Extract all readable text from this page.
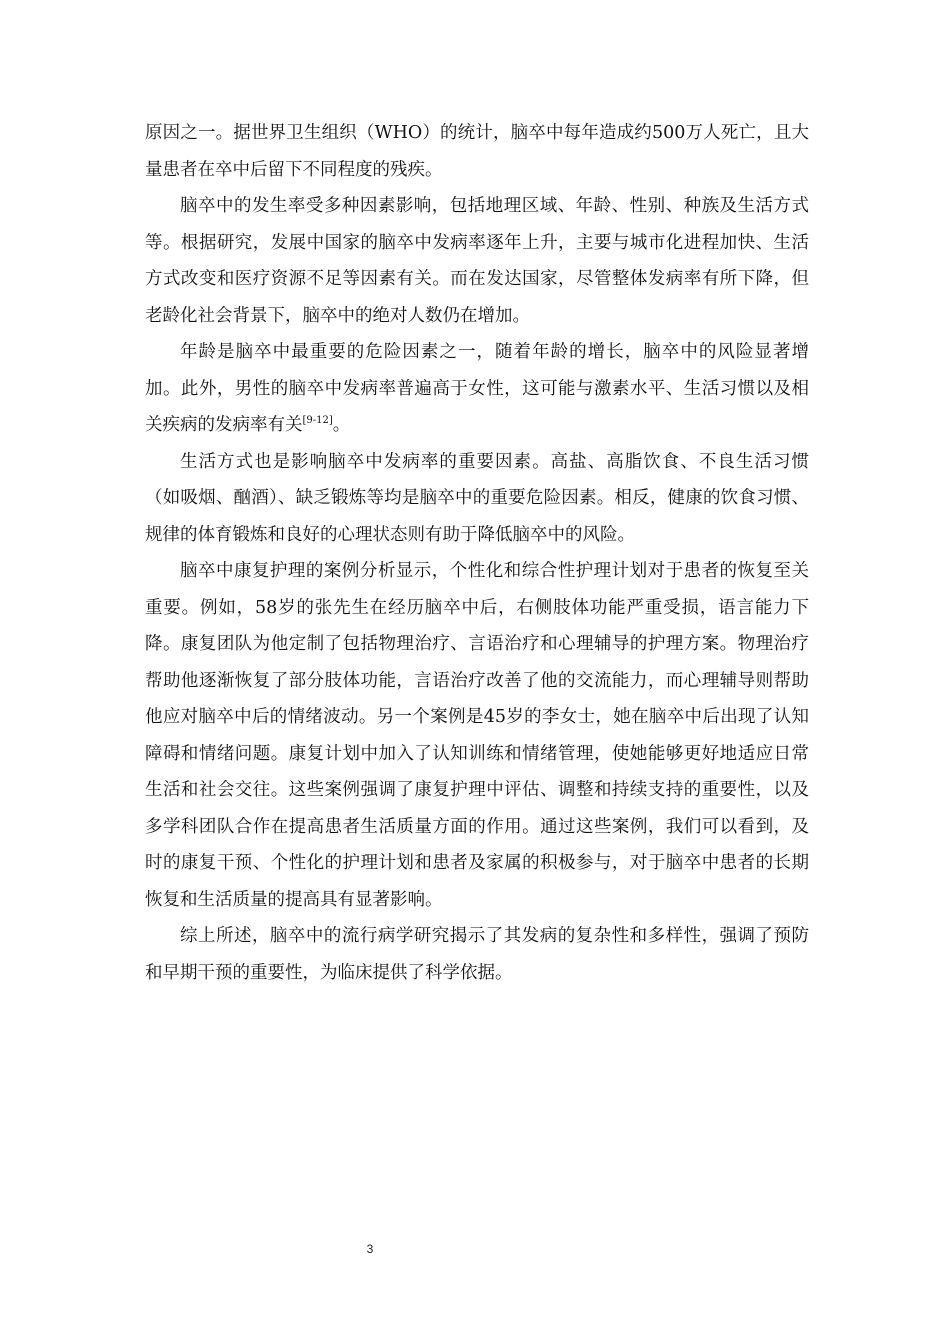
原因之一。据世界卫生组织（WHO）的统计，脑卒中每年造成约500万人死亡，且大量患者在卒中后留下不同程度的残疾。

脑卒中的发生率受多种因素影响，包括地理区域、年龄、性别、种族及生活方式等。根据研究，发展中国家的脑卒中发病率逐年上升，主要与城市化进程加快、生活方式改变和医疗资源不足等因素有关。而在发达国家，尽管整体发病率有所下降，但老龄化社会背景下，脑卒中的绝对人数仍在增加。

年龄是脑卒中最重要的危险因素之一，随着年龄的增长，脑卒中的风险显著增加。此外，男性的脑卒中发病率普遍高于女性，这可能与激素水平、生活习惯以及相关疾病的发病率有关[9-12]。

生活方式也是影响脑卒中发病率的重要因素。高盐、高脂饮食、不良生活习惯（如吸烟、酗酒）、缺乏锻炼等均是脑卒中的重要危险因素。相反，健康的饮食习惯、规律的体育锻炼和良好的心理状态则有助于降低脑卒中的风险。

脑卒中康复护理的案例分析显示，个性化和综合性护理计划对于患者的恢复至关重要。例如，58岁的张先生在经历脑卒中后，右侧肢体功能严重受损，语言能力下降。康复团队为他定制了包括物理治疗、言语治疗和心理辅导的护理方案。物理治疗帮助他逐渐恢复了部分肢体功能，言语治疗改善了他的交流能力，而心理辅导则帮助他应对脑卒中后的情绪波动。另一个案例是45岁的李女士，她在脑卒中后出现了认知障碍和情绪问题。康复计划中加入了认知训练和情绪管理，使她能够更好地适应日常生活和社会交往。这些案例强调了康复护理中评估、调整和持续支持的重要性，以及多学科团队合作在提高患者生活质量方面的作用。通过这些案例，我们可以看到，及时的康复干预、个性化的护理计划和患者及家属的积极参与，对于脑卒中患者的长期恢复和生活质量的提高具有显著影响。

综上所述，脑卒中的流行病学研究揭示了其发病的复杂性和多样性，强调了预防和早期干预的重要性，为临床提供了科学依据。

3
